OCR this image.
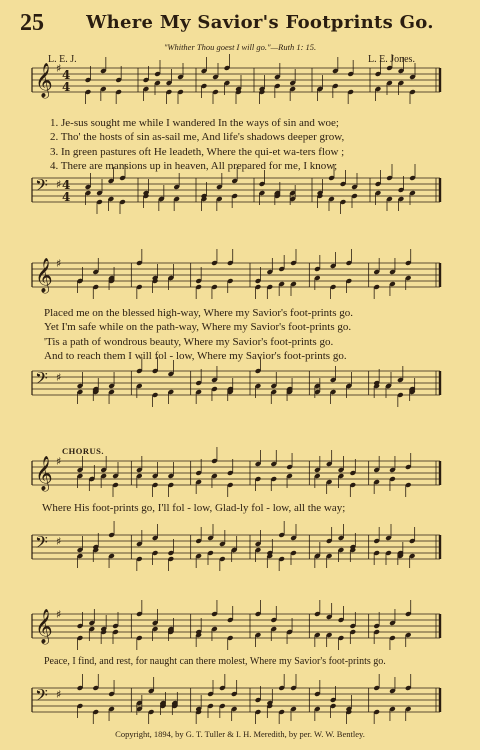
25	Where My Savior's Footprints Go.
"Whither Thou goest I will go."—Ruth 1: 15.
L. E. J.	L. E. Jones.
𝄞 ♯ 4
4
𝄢 ♯ 4
4
𝄞 ♯
𝄢 ♯
𝄞 ♯
𝄢 ♯
𝄞 ♯
𝄢 ♯
1. Je-sus sought me while I wandered In the ways of sin and woe;
2. Tho' the hosts of sin as-sail me, And life's shadows deeper grow,
3. In green pastures oft He leadeth, Where the qui-et wa-ters flow ;
4. There are mansions up in heaven, All prepared for me, I know;
Placed me on the blessed high-way, Where my Savior's foot-prints go.
Yet I'm safe while on the path-way, Where my Savior's foot-prints go.
'Tis a path of wondrous beauty, Where my Savior's foot-prints go.
And to reach them I will fol - low, Where my Savior's foot-prints go.
CHORUS.
Where His foot-prints go, I'll fol - low, Glad-ly fol - low, all the way;
Peace, I find, and rest, for naught can there molest, Where my Savior's foot-prints go.
Copyright, 1894, by G. T. Tuller & I. H. Meredith, by per. W. W. Bentley.
